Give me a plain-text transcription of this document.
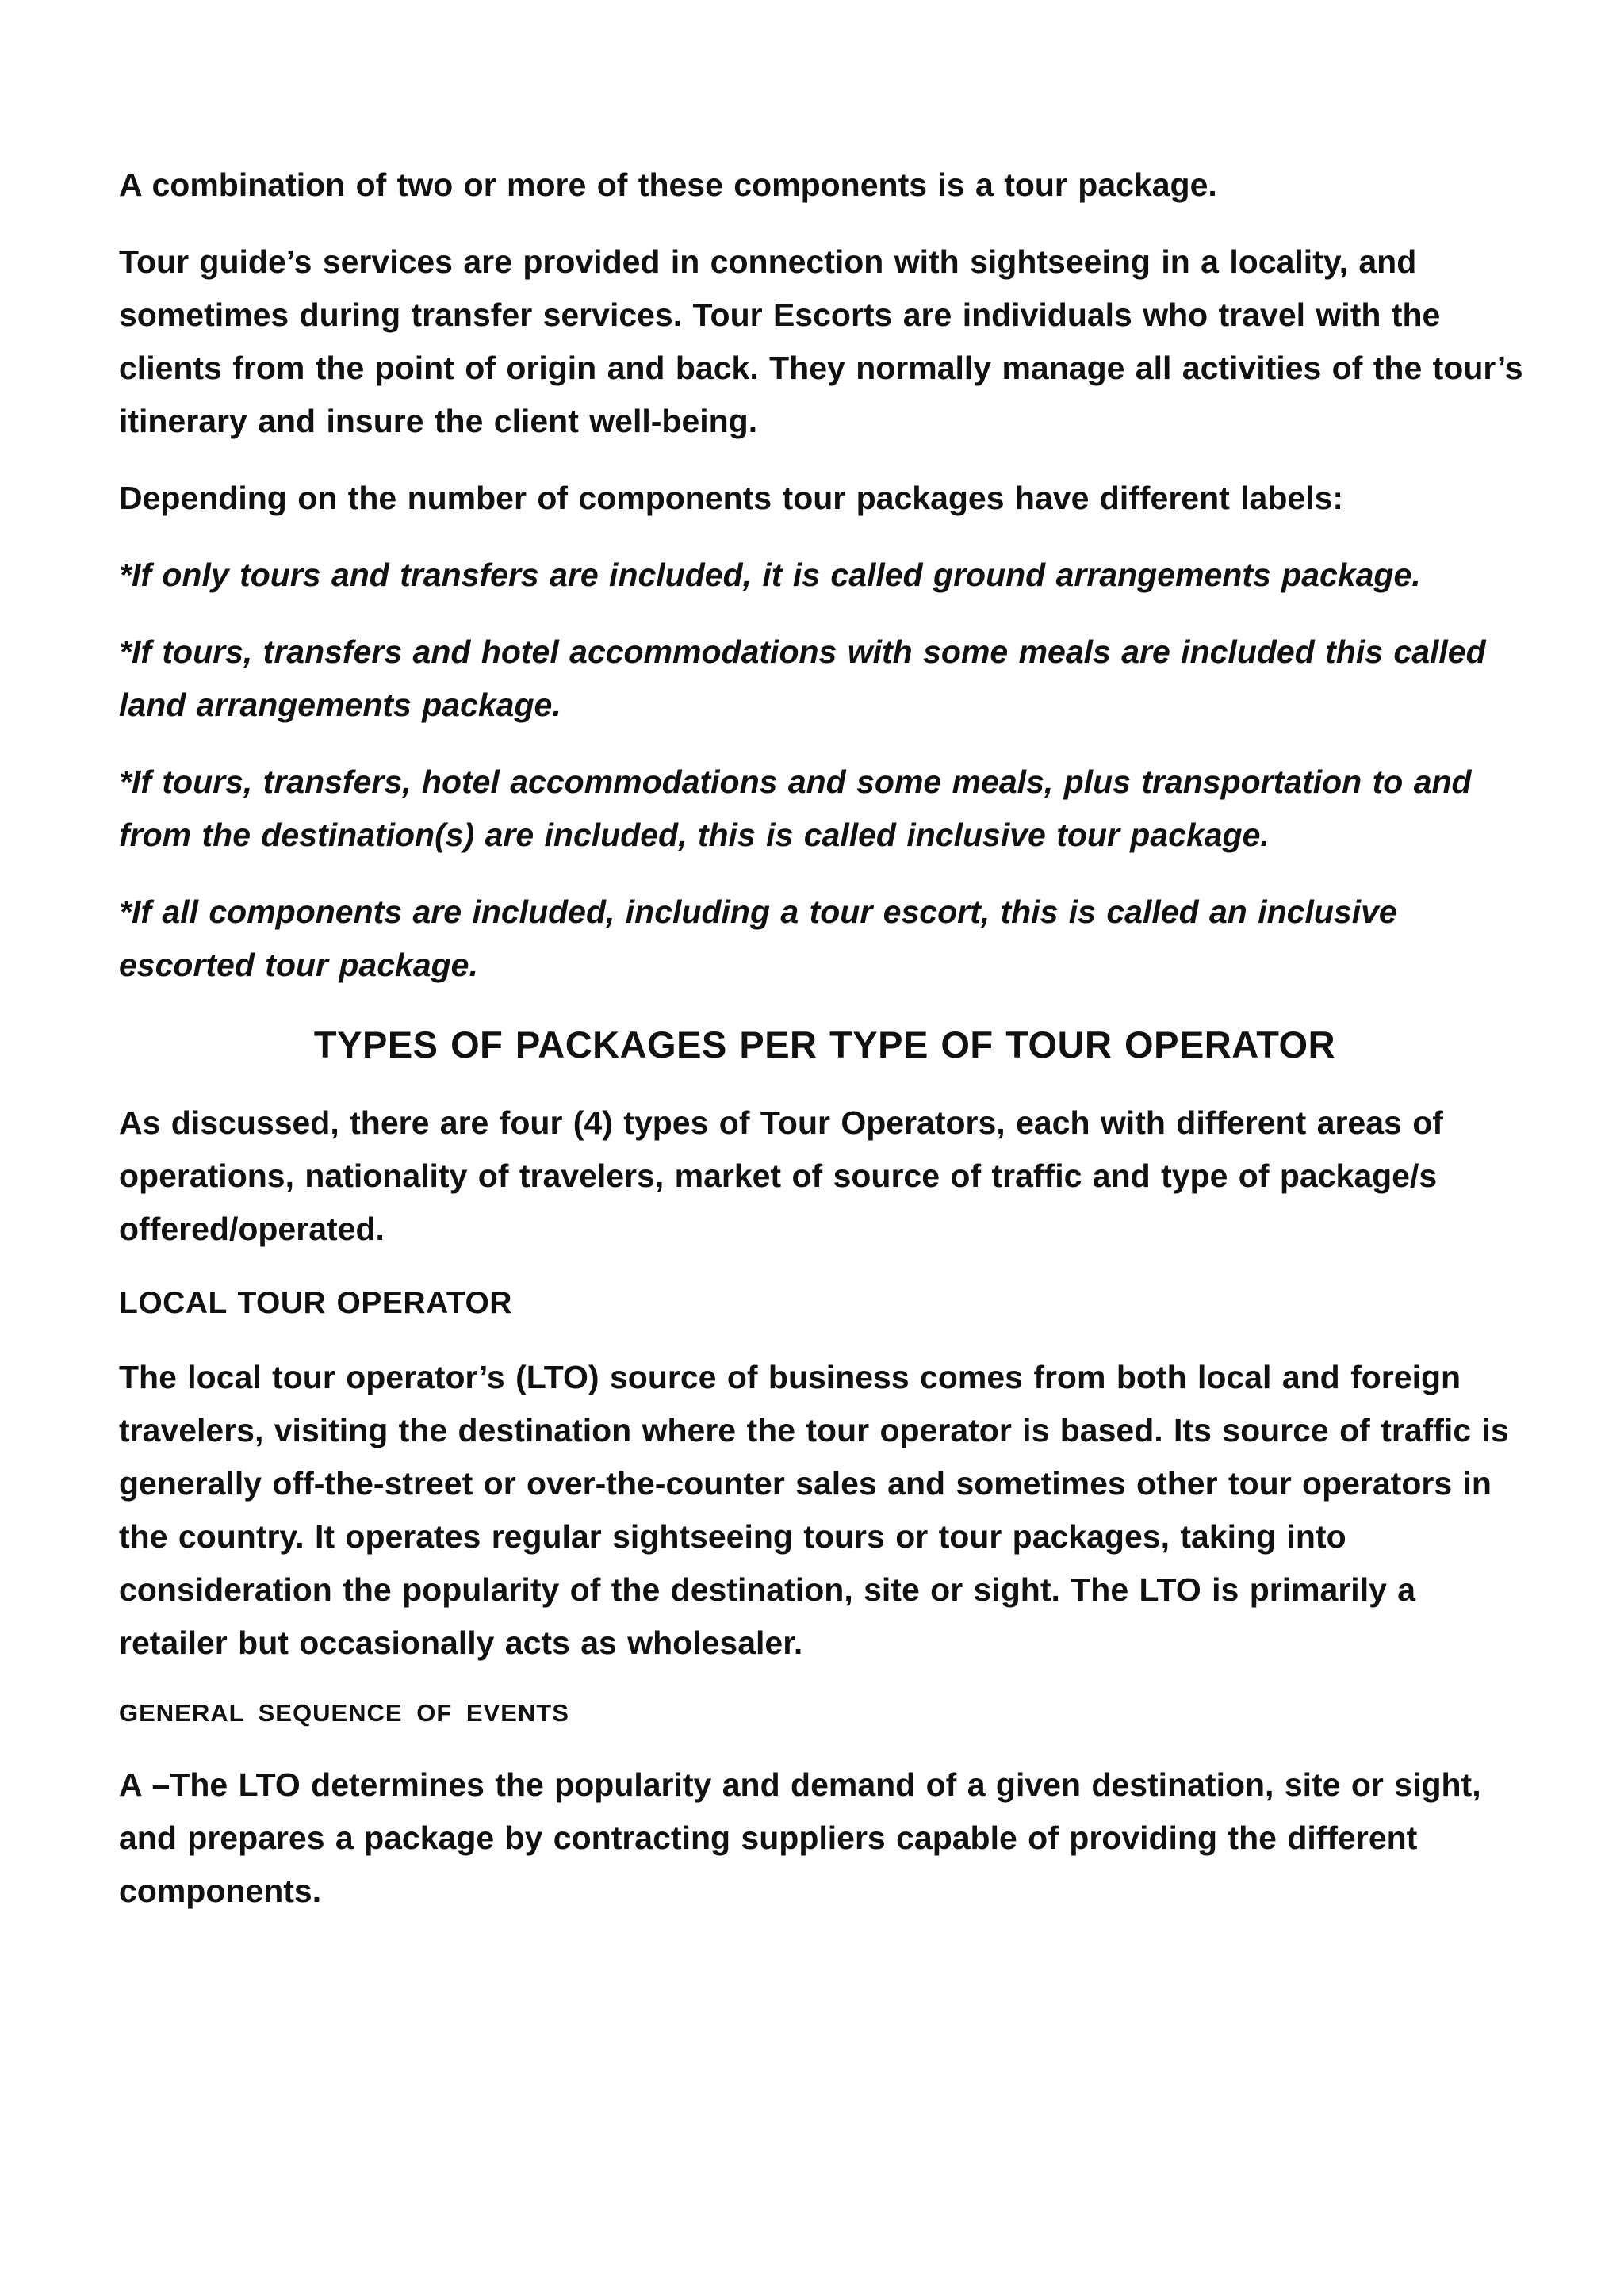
A combination of two or more of these components is a tour package.

Tour guide’s services are provided in connection with sightseeing in a locality, and sometimes during transfer services. Tour Escorts are individuals who travel with the clients from the point of origin and back. They normally manage all activities of the tour’s itinerary and insure the client well-being.

Depending on the number of components tour packages have different labels:

*If only tours and transfers are included, it is called ground arrangements package.

*If tours, transfers and hotel accommodations with some meals are included this called land arrangements package.

*If tours, transfers, hotel accommodations and some meals, plus transportation to and from the destination(s) are included, this is called inclusive tour package.

*If all components are included, including a tour escort, this is called an inclusive escorted tour package.

TYPES OF PACKAGES PER TYPE OF TOUR OPERATOR

As discussed, there are four (4) types of Tour Operators, each with different areas of operations, nationality of travelers, market of source of traffic and type of package/s offered/operated.

LOCAL TOUR OPERATOR

The local tour operator’s (LTO) source of business comes from both local and foreign travelers, visiting the destination where the tour operator is based. Its source of traffic is generally off-the-street or over-the-counter sales and sometimes other tour operators in the country. It operates regular sightseeing tours or tour packages, taking into consideration the popularity of the destination, site or sight. The LTO is primarily a retailer but occasionally acts as wholesaler.

GENERAL SEQUENCE OF EVENTS

A –The LTO determines the popularity and demand of a given destination, site or sight, and prepares a package by contracting suppliers capable of providing the different components.
